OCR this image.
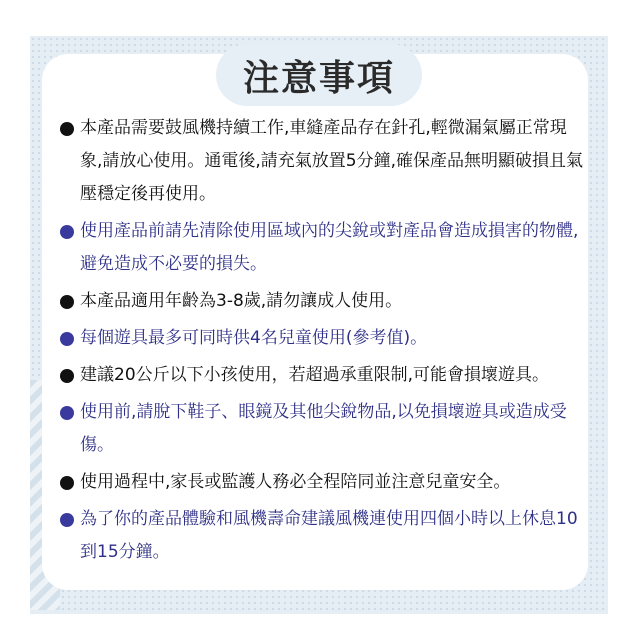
注意事項
本產品需要鼓風機持續工作,車縫產品存在針孔,輕微漏氣屬正常現象,請放心使用。通電後,請充氣放置5分鐘,確保產品無明顯破損且氣壓穩定後再使用。
使用產品前請先清除使用區域內的尖銳或對產品會造成損害的物體,避免造成不必要的損失。
本產品適用年齡為3-8歲,請勿讓成人使用。
每個遊具最多可同時供4名兒童使用(參考值)。
建議20公斤以下小孩使用，若超過承重限制,可能會損壞遊具。
使用前,請脫下鞋子、眼鏡及其他尖銳物品,以免損壞遊具或造成受傷。
使用過程中,家長或監護人務必全程陪同並注意兒童安全。
為了你的產品體驗和風機壽命建議風機連使用四個小時以上休息10到15分鐘。
